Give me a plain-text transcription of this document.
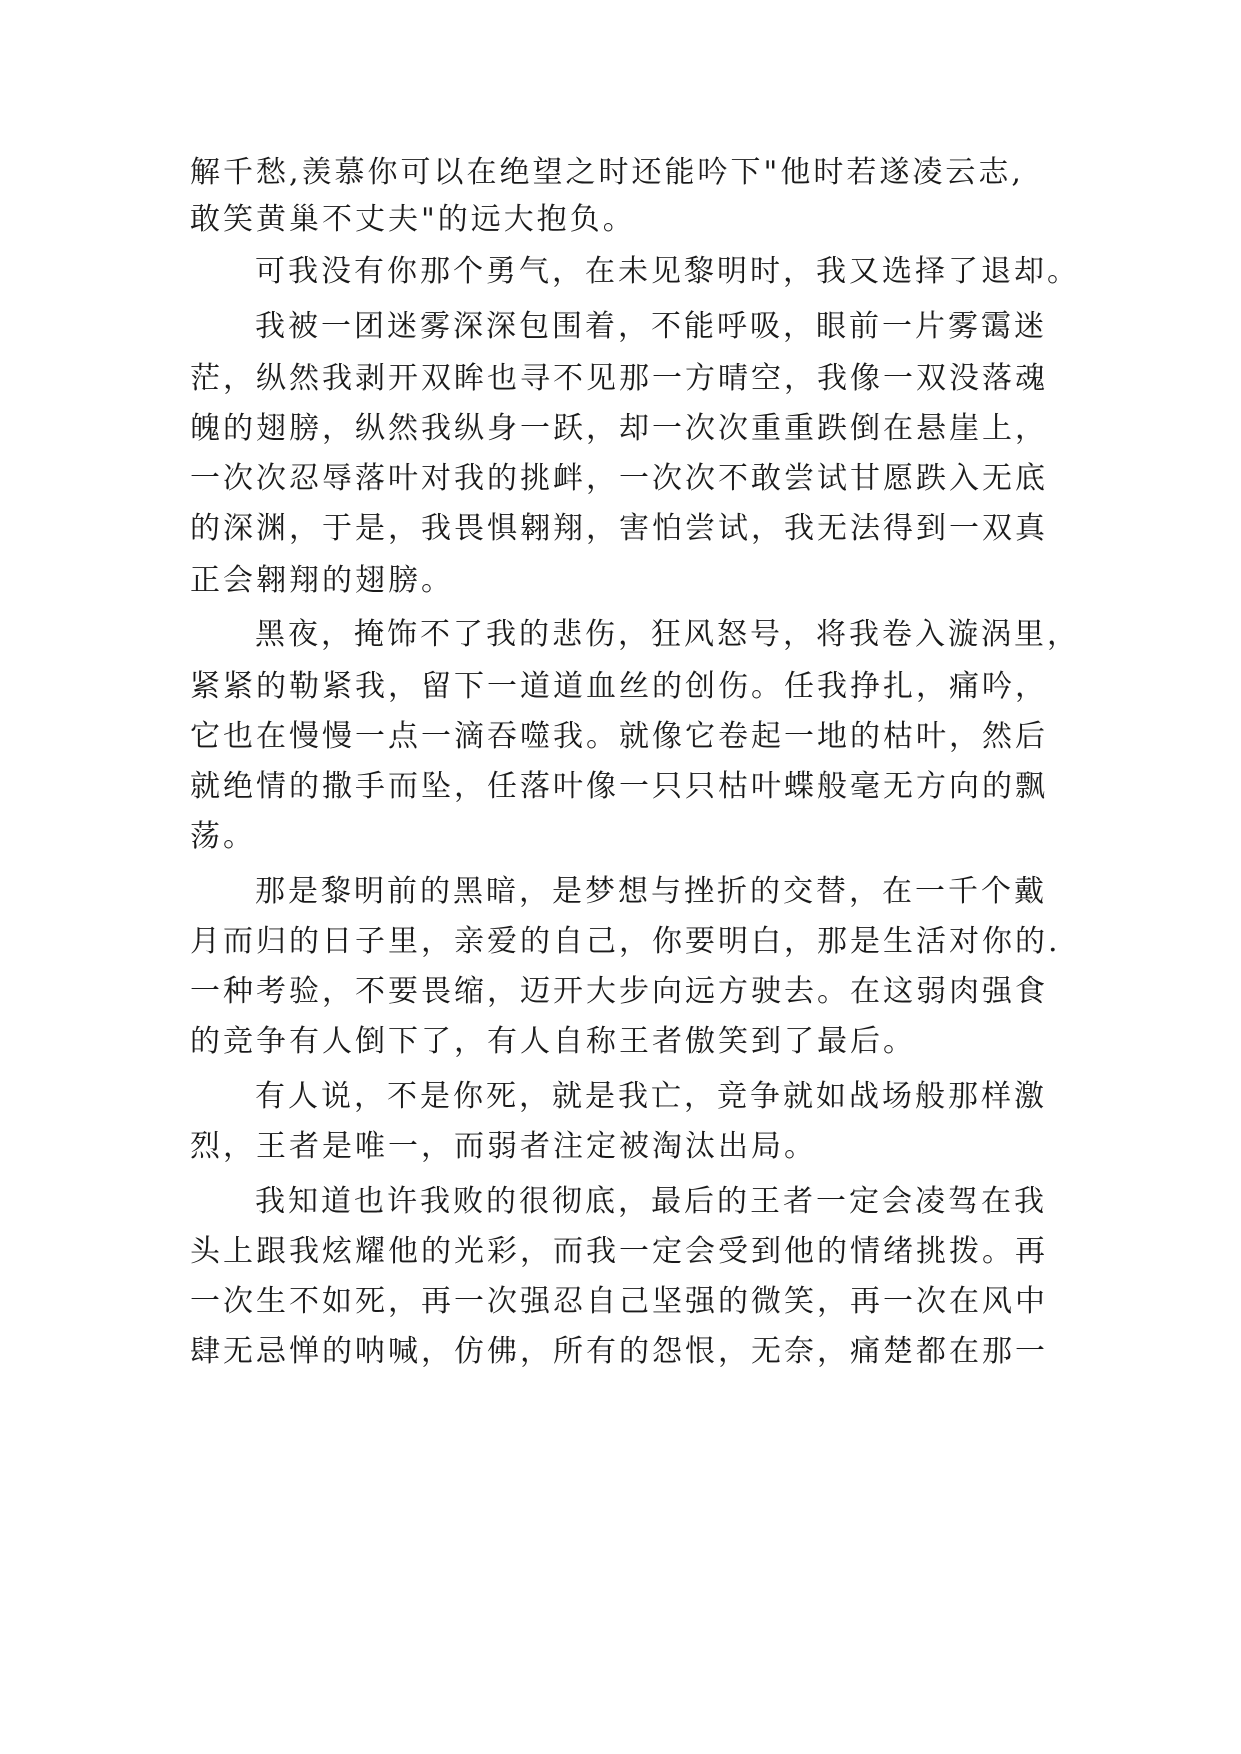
解千愁,羡慕你可以在绝望之时还能吟下"他时若遂凌云志,
敢笑黄巢不丈夫"的远大抱负。
可我没有你那个勇气，在未见黎明时，我又选择了退却。
我被一团迷雾深深包围着，不能呼吸，眼前一片雾霭迷
茫，纵然我剥开双眸也寻不见那一方晴空，我像一双没落魂
魄的翅膀，纵然我纵身一跃，却一次次重重跌倒在悬崖上，
一次次忍辱落叶对我的挑衅，一次次不敢尝试甘愿跌入无底
的深渊，于是，我畏惧翱翔，害怕尝试，我无法得到一双真
正会翱翔的翅膀。
黑夜，掩饰不了我的悲伤，狂风怒号，将我卷入漩涡里，
紧紧的勒紧我，留下一道道血丝的创伤。任我挣扎，痛吟，
它也在慢慢一点一滴吞噬我。就像它卷起一地的枯叶，然后
就绝情的撒手而坠，任落叶像一只只枯叶蝶般毫无方向的飘
荡。
那是黎明前的黑暗，是梦想与挫折的交替，在一千个戴
月而归的日子里，亲爱的自己，你要明白，那是生活对你的.
一种考验，不要畏缩，迈开大步向远方驶去。在这弱肉强食
的竞争有人倒下了，有人自称王者傲笑到了最后。
有人说，不是你死，就是我亡，竞争就如战场般那样激
烈，王者是唯一，而弱者注定被淘汰出局。
我知道也许我败的很彻底，最后的王者一定会凌驾在我
头上跟我炫耀他的光彩，而我一定会受到他的情绪挑拨。再
一次生不如死，再一次强忍自己坚强的微笑，再一次在风中
肆无忌惮的呐喊，仿佛，所有的怨恨，无奈，痛楚都在那一
